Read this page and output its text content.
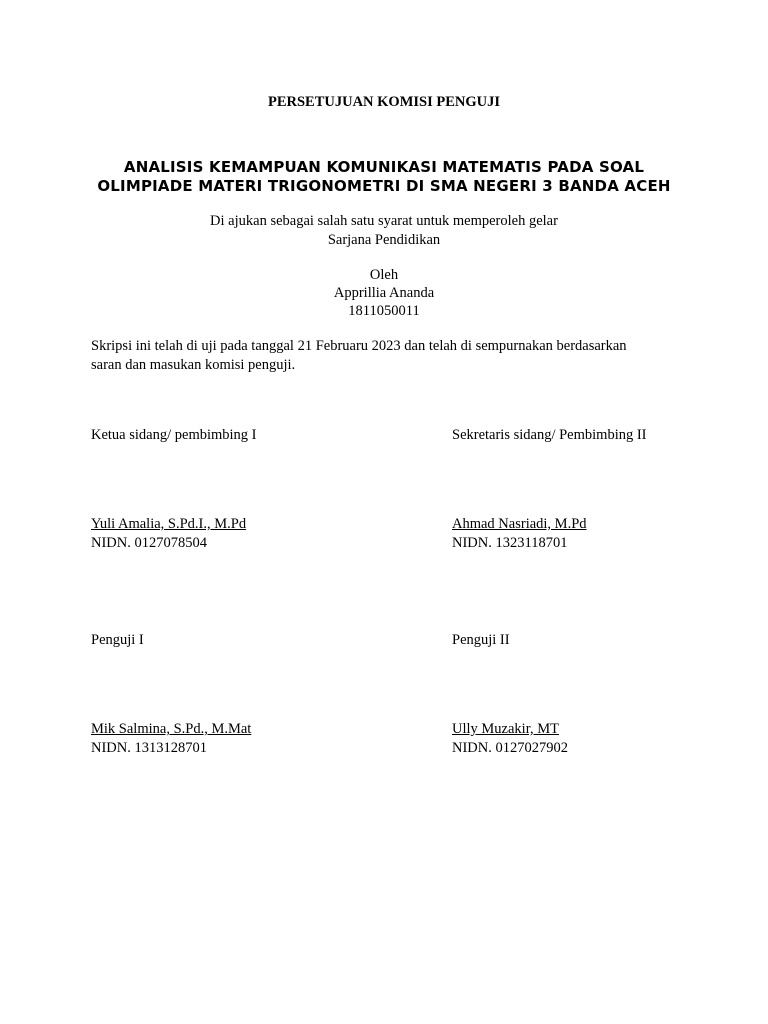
PERSETUJUAN KOMISI PENGUJI
ANALISIS KEMAMPUAN KOMUNIKASI MATEMATIS PADA SOAL
OLIMPIADE MATERI TRIGONOMETRI DI SMA NEGERI 3 BANDA ACEH
Di ajukan sebagai salah satu syarat untuk memperoleh gelar
Sarjana Pendidikan
Oleh
Apprillia Ananda
1811050011
Skripsi ini telah di uji pada tanggal 21 Februaru 2023 dan telah di sempurnakan berdasarkan
saran dan masukan komisi penguji.
Ketua sidang/ pembimbing I
Yuli Amalia, S.Pd.I., M.Pd
NIDN. 0127078504
Sekretaris sidang/ Pembimbing II
Ahmad Nasriadi, M.Pd
NIDN. 1323118701
Penguji I
Mik Salmina, S.Pd., M.Mat
NIDN. 1313128701
Penguji II
Ully Muzakir, MT
NIDN. 0127027902
